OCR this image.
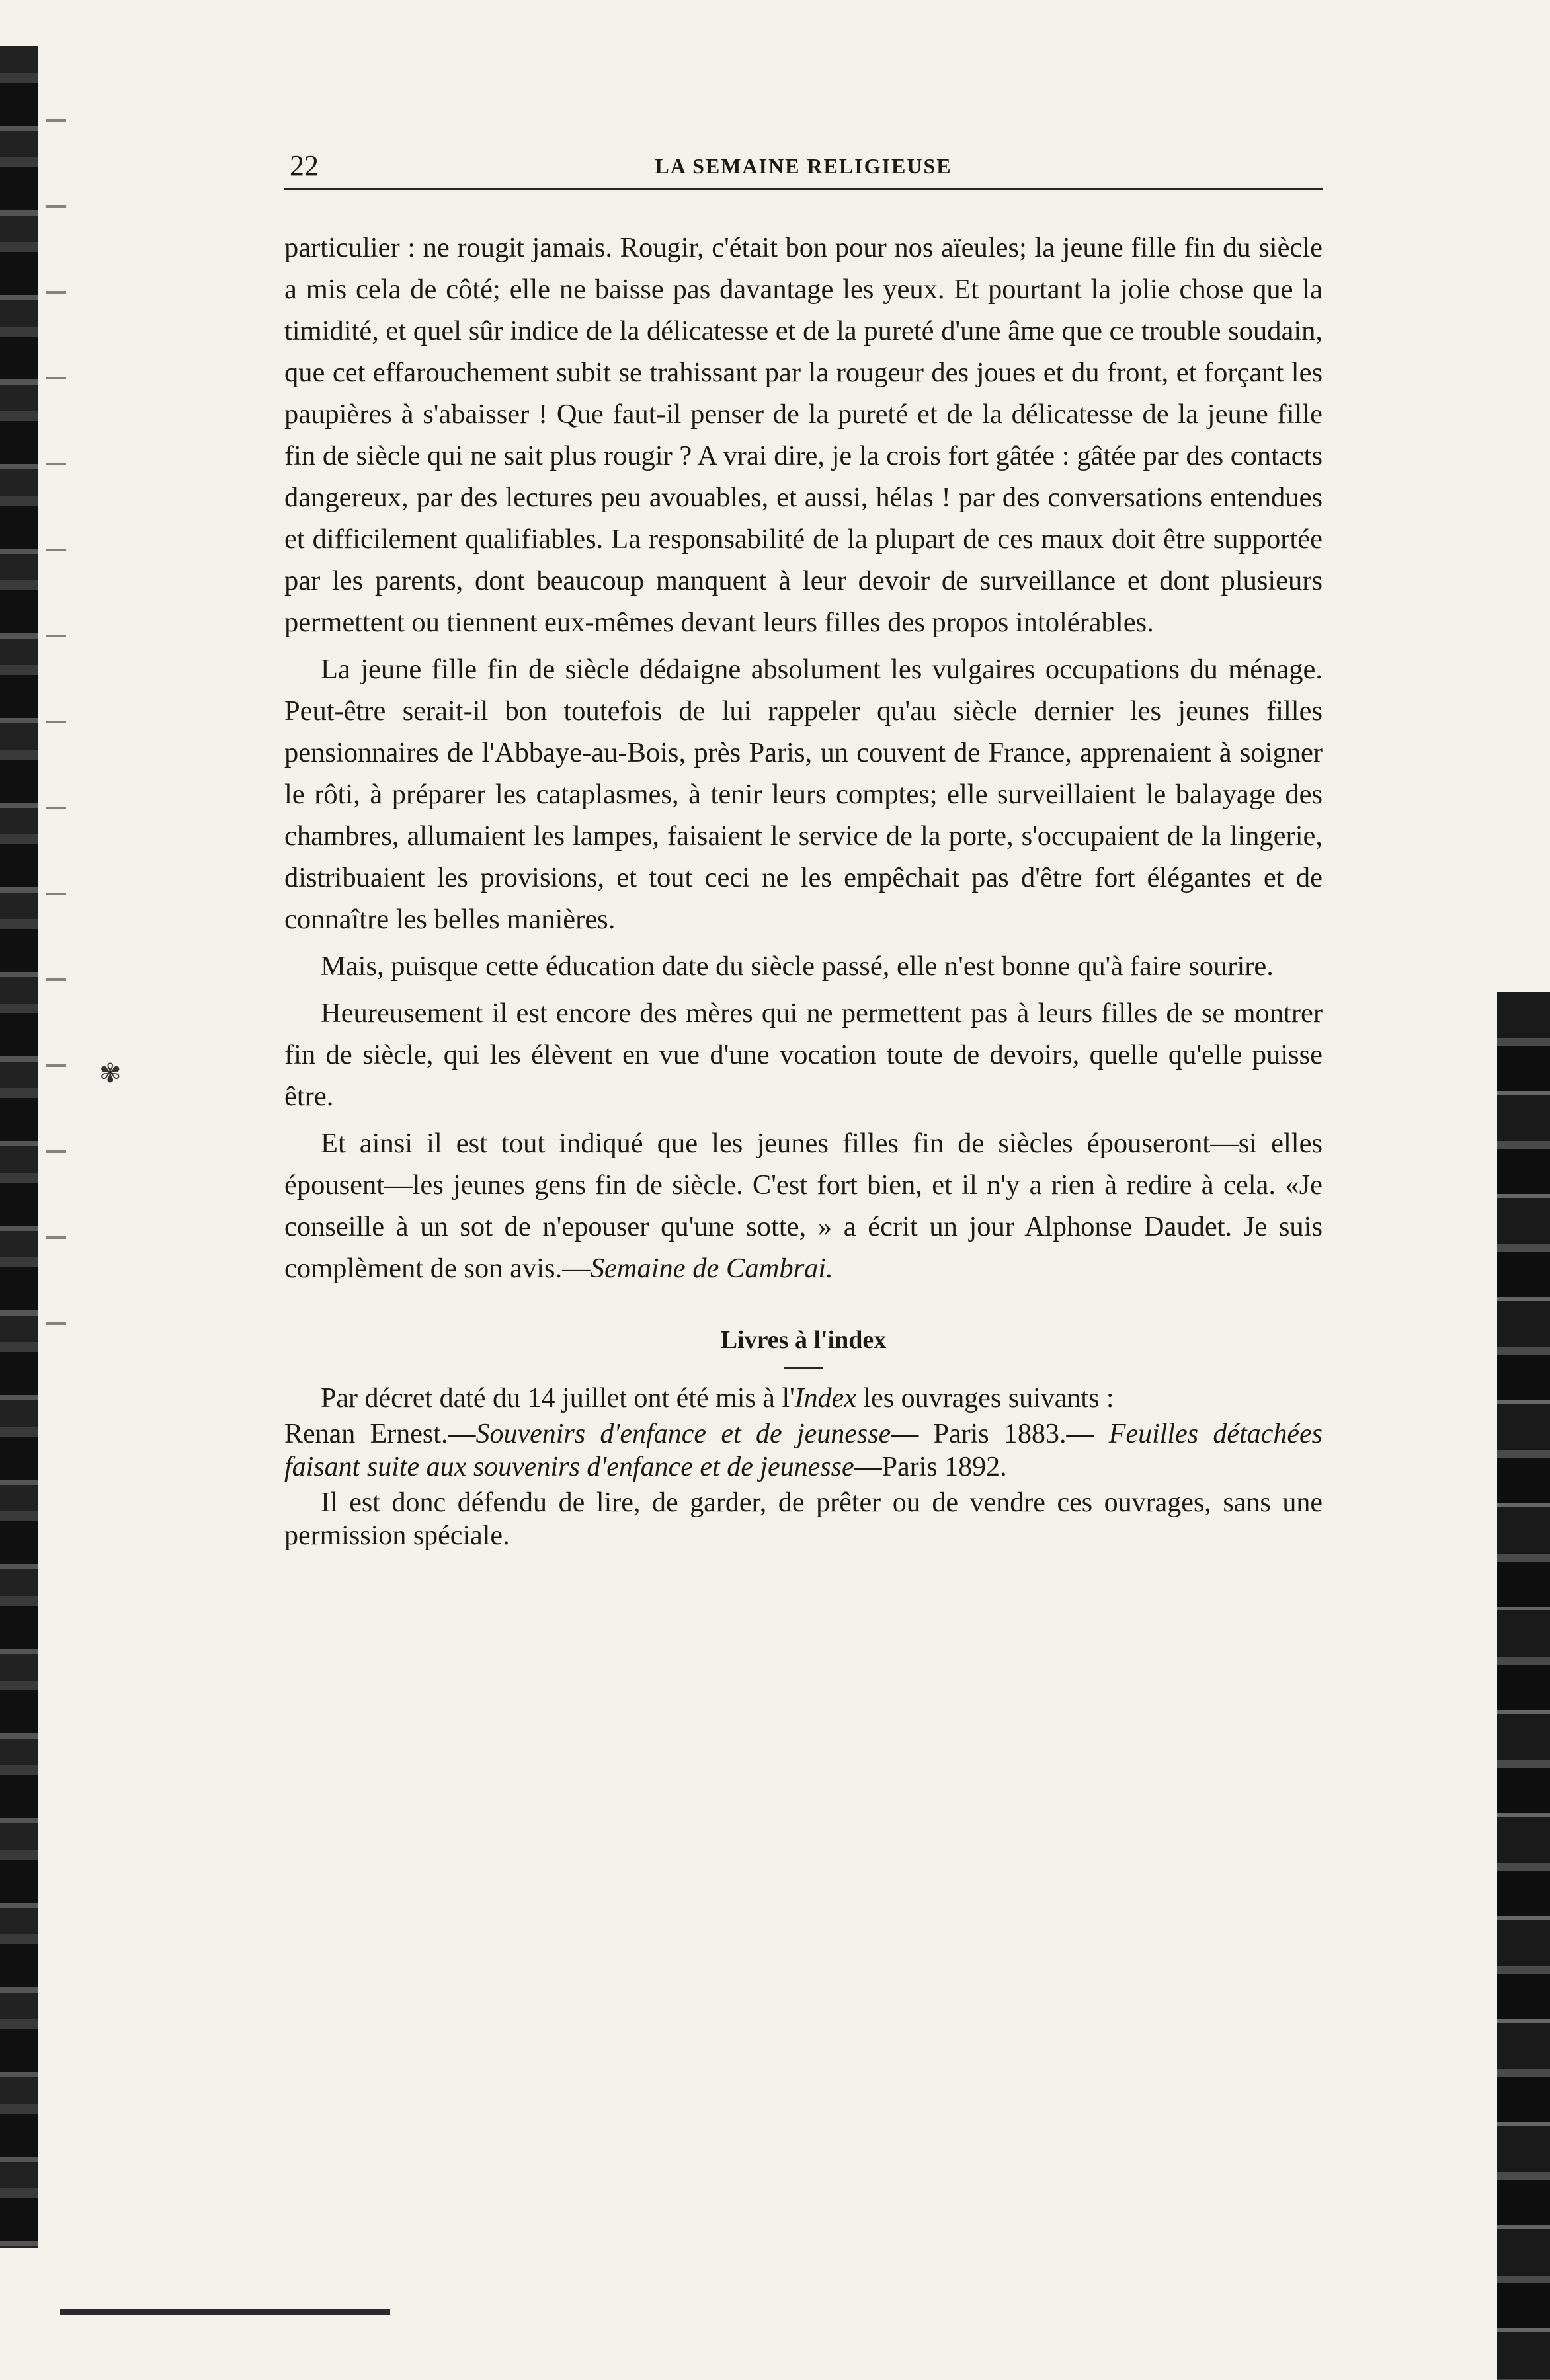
✾
22	LA SEMAINE RELIGIEUSE

particulier : ne rougit jamais. Rougir, c'était bon pour nos aïeules; la jeune fille fin du siècle a mis cela de côté; elle ne baisse pas davantage les yeux. Et pourtant la jolie chose que la timidité, et quel sûr indice de la délicatesse et de la pureté d'une âme que ce trouble soudain, que cet effarouchement subit se trahissant par la rougeur des joues et du front, et forçant les paupières à s'abaisser ! Que faut-il penser de la pureté et de la délicatesse de la jeune fille fin de siècle qui ne sait plus rougir ? A vrai dire, je la crois fort gâtée : gâtée par des contacts dangereux, par des lectures peu avouables, et aussi, hélas ! par des conversations entendues et difficilement qualifiables. La responsabilité de la plupart de ces maux doit être supportée par les parents, dont beaucoup manquent à leur devoir de surveillance et dont plusieurs permettent ou tiennent eux-mêmes devant leurs filles des propos intolérables.

La jeune fille fin de siècle dédaigne absolument les vulgaires occupations du ménage. Peut-être serait-il bon toutefois de lui rappeler qu'au siècle dernier les jeunes filles pensionnaires de l'Abbaye-au-Bois, près Paris, un couvent de France, apprenaient à soigner le rôti, à préparer les cataplasmes, à tenir leurs comptes; elle surveillaient le balayage des chambres, allumaient les lampes, faisaient le service de la porte, s'occupaient de la lingerie, distribuaient les provisions, et tout ceci ne les empêchait pas d'être fort élégantes et de connaître les belles manières.

Mais, puisque cette éducation date du siècle passé, elle n'est bonne qu'à faire sourire.

Heureusement il est encore des mères qui ne permettent pas à leurs filles de se montrer fin de siècle, qui les élèvent en vue d'une vocation toute de devoirs, quelle qu'elle puisse être.

Et ainsi il est tout indiqué que les jeunes filles fin de siècles épouseront—si elles épousent—les jeunes gens fin de siècle. C'est fort bien, et il n'y a rien à redire à cela. «Je conseille à un sot de n'epouser qu'une sotte, » a écrit un jour Alphonse Daudet. Je suis complèment de son avis.—Semaine de Cambrai.

Livres à l'index

Par décret daté du 14 juillet ont été mis à l'Index les ouvrages suivants :

Renan Ernest.—Souvenirs d'enfance et de jeunesse— Paris 1883.— Feuilles détachées faisant suite aux souvenirs d'enfance et de jeunesse—Paris 1892.

Il est donc défendu de lire, de garder, de prêter ou de vendre ces ouvrages, sans une permission spéciale.
